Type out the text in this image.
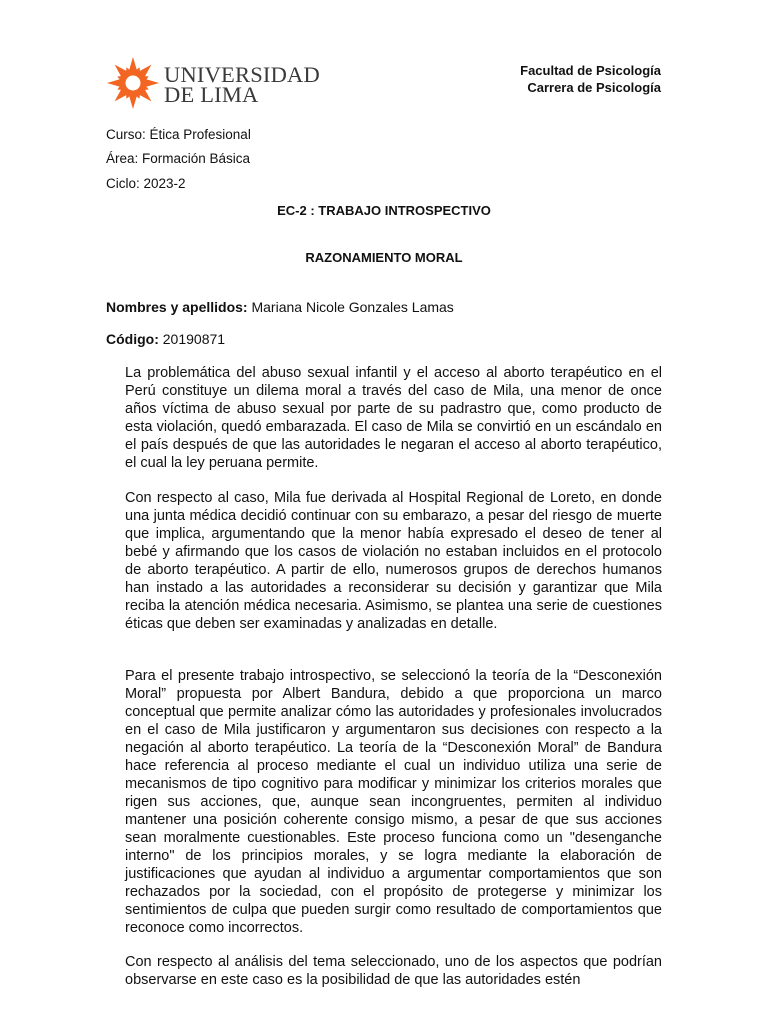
UNIVERSIDAD
DE LIMA
Facultad de Psicología
Carrera de Psicología
Curso: Ética Profesional
Área: Formación Básica
Ciclo: 2023-2
EC-2 : TRABAJO INTROSPECTIVO
RAZONAMIENTO MORAL
Nombres y apellidos: Mariana Nicole Gonzales Lamas
Código: 20190871
La problemática del abuso sexual infantil y el acceso al aborto terapéutico en el Perú constituye un dilema moral a través del caso de Mila, una menor de once años víctima de abuso sexual por parte de su padrastro que, como producto de esta violación, quedó embarazada. El caso de Mila se convirtió en un escándalo en el país después de que las autoridades le negaran el acceso al aborto terapéutico, el cual la ley peruana permite.
Con respecto al caso, Mila fue derivada al Hospital Regional de Loreto, en donde una junta médica decidió continuar con su embarazo, a pesar del riesgo de muerte que implica, argumentando que la menor había expresado el deseo de tener al bebé y afirmando que los casos de violación no estaban incluidos en el protocolo de aborto terapéutico. A partir de ello, numerosos grupos de derechos humanos han instado a las autoridades a reconsiderar su decisión y garantizar que Mila reciba la atención médica necesaria. Asimismo, se plantea una serie de cuestiones éticas que deben ser examinadas y analizadas en detalle.
Para el presente trabajo introspectivo, se seleccionó la teoría de la “Desconexión Moral” propuesta por Albert Bandura, debido a que proporciona un marco conceptual que permite analizar cómo las autoridades y profesionales involucrados en el caso de Mila justificaron y argumentaron sus decisiones con respecto a la negación al aborto terapéutico. La teoría de la “Desconexión Moral” de Bandura hace referencia al proceso mediante el cual un individuo utiliza una serie de mecanismos de tipo cognitivo para modificar y minimizar los criterios morales que rigen sus acciones, que, aunque sean incongruentes, permiten al individuo mantener una posición coherente consigo mismo, a pesar de que sus acciones sean moralmente cuestionables. Este proceso funciona como un "desenganche interno" de los principios morales, y se logra mediante la elaboración de justificaciones que ayudan al individuo a argumentar comportamientos que son rechazados por la sociedad, con el propósito de protegerse y minimizar los sentimientos de culpa que pueden surgir como resultado de comportamientos que reconoce como incorrectos.
Con respecto al análisis del tema seleccionado, uno de los aspectos que podrían observarse en este caso es la posibilidad de que las autoridades estén
